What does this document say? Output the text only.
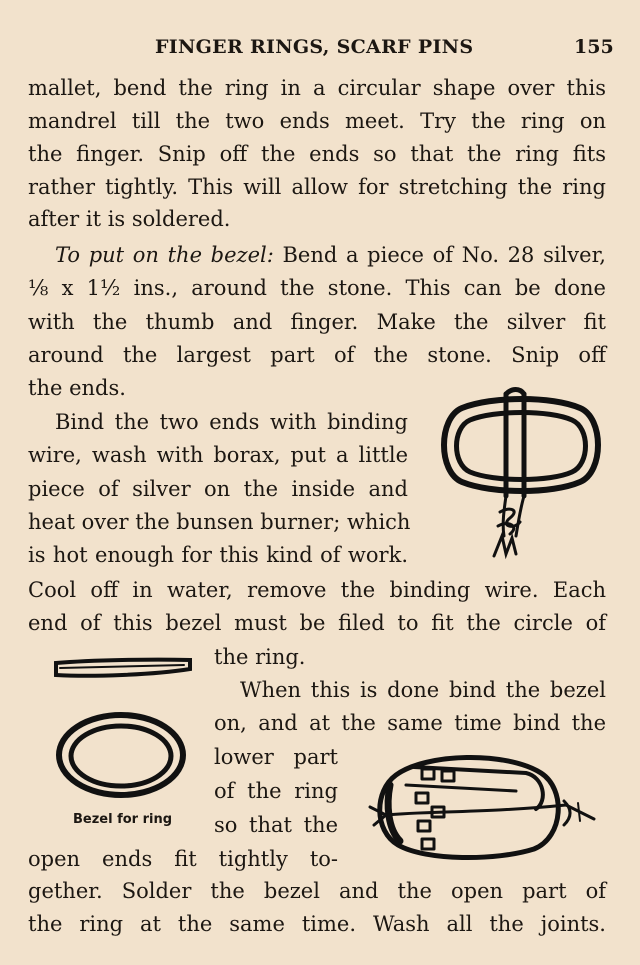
FINGER RINGS, SCARF PINS	155
mallet, bend the ring in a circular shape over this
mandrel till the two ends meet. Try the ring on
the finger. Snip off the ends so that the ring fits
rather tightly. This will allow for stretching the ring
after it is soldered.
To put on the bezel: Bend a piece of No. 28 silver,
⅛ x 1½ ins., around the stone. This can be done
with the thumb and finger. Make the silver fit
around the largest part of the stone. Snip off
the ends.
Bind the two ends with binding
wire, wash with borax, put a little
piece of silver on the inside and
heat over the bunsen burner; which
is hot enough for this kind of work.
Cool off in water, remove the binding wire. Each
end of this bezel must be filed to fit the circle of
the ring.
When this is done bind the bezel
on, and at the same time bind the
lower part
of the ring
so that the
open ends fit tightly to-
gether. Solder the bezel and the open part of
the ring at the same time. Wash all the joints.
Bezel for ring
